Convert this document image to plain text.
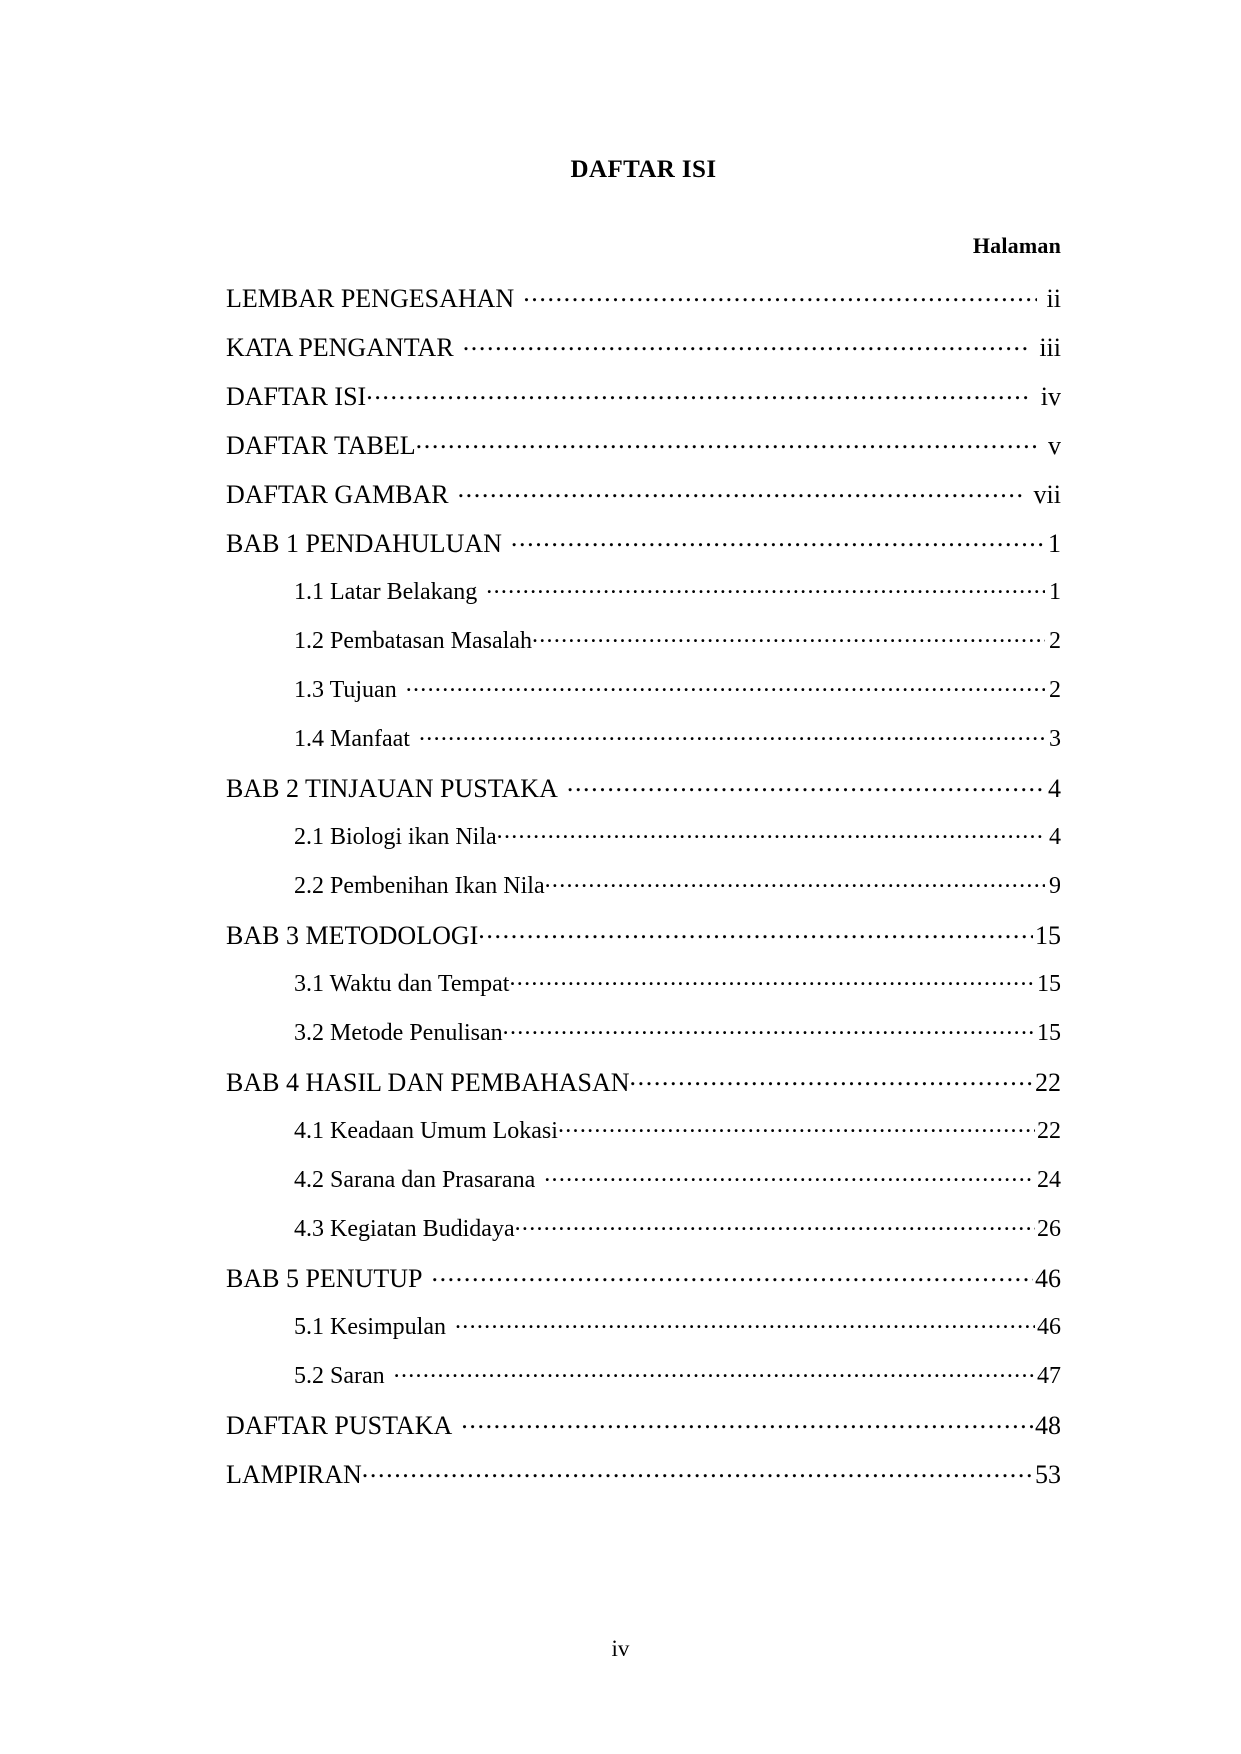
DAFTAR ISI
Halaman
LEMBAR PENGESAHAN .....	ii
KATA PENGANTAR .....	iii
DAFTAR ISI .....	iv
DAFTAR TABEL .....	v
DAFTAR GAMBAR .....	vii
BAB 1 PENDAHULUAN .....	1
1.1 Latar Belakang .....	1
1.2 Pembatasan Masalah .....	2
1.3 Tujuan .....	2
1.4 Manfaat .....	3
BAB 2 TINJAUAN PUSTAKA .....	4
2.1 Biologi ikan Nila .....	4
2.2 Pembenihan Ikan Nila .....	9
BAB 3 METODOLOGI .....	15
3.1 Waktu dan Tempat .....	15
3.2 Metode Penulisan .....	15
BAB 4 HASIL DAN PEMBAHASAN .....	22
4.1 Keadaan Umum Lokasi .....	22
4.2 Sarana dan Prasarana .....	24
4.3 Kegiatan Budidaya .....	26
BAB 5 PENUTUP .....	46
5.1 Kesimpulan .....	46
5.2 Saran .....	47
DAFTAR PUSTAKA .....	48
LAMPIRAN .....	53
iv
